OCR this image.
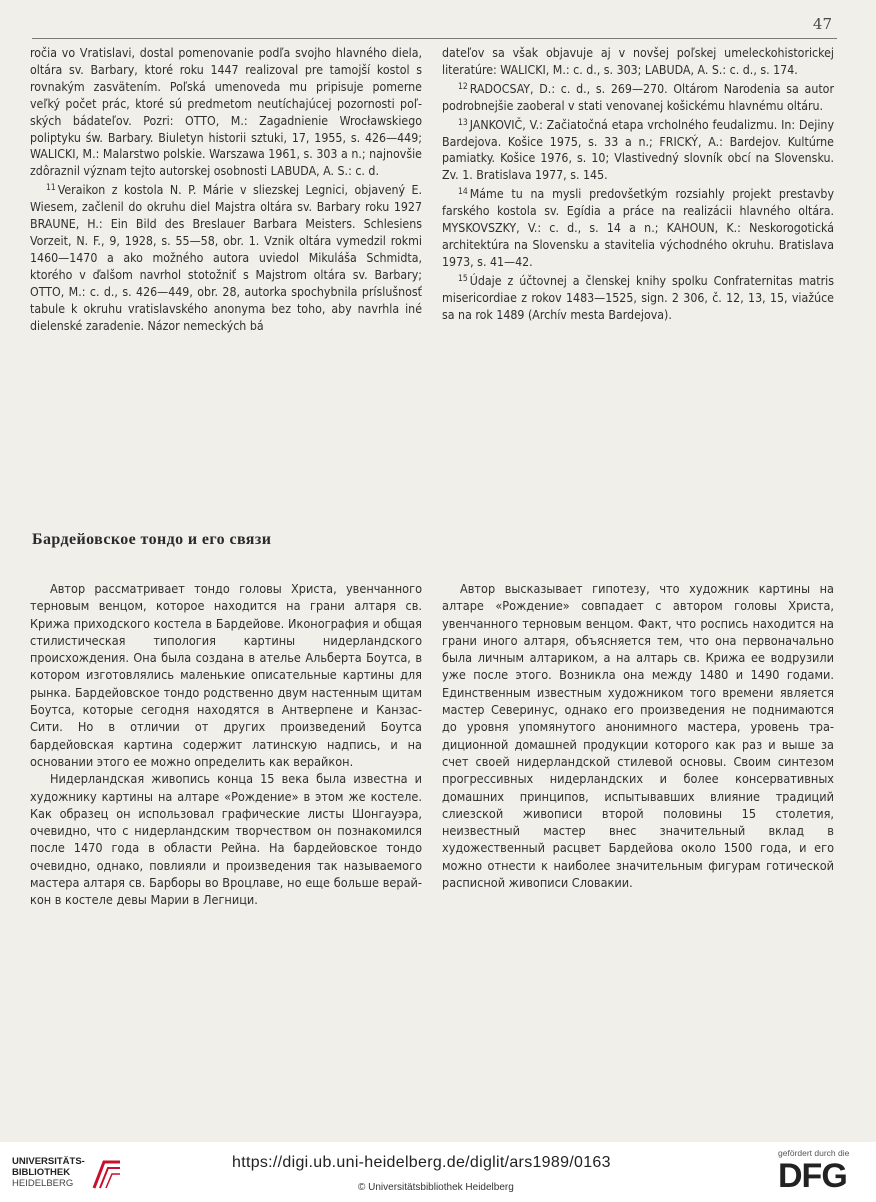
47

ročia vo Vratislavi, dostal pomenovanie podľa svojho hlavného diela, oltára sv. Barbary, ktoré roku 1447 realizoval pre tamojší kostol s rovnakým zasvätením. Poľská umenoveda mu pripisuje pomerne veľký počet prác, ktoré sú predmetom neutíchajúcej pozornosti poľských bádateľov. Pozri: OTTO, M.: Zagadnienie Wrocławskiego poliptyku św. Barbary. Biuletyn historii sztuki, 17, 1955, s. 426—449; WALICKI, M.: Malarstwo polskie. Warszawa 1961, s. 303 a n.; najnovšie zdôraznil význam tejto autorskej osobnosti LABUDA, A. S.: c. d.

$^{11}$ Veraikon z kostola N. P. Márie v sliezskej Legnici, objavený E. Wiesem, začlenil do okruhu diel Majstra oltára sv. Barbary roku 1927 BRAUNE, H.: Ein Bild des Breslauer Barbara Meisters. Schlesiens Vorzeit, N. F., 9, 1928, s. 55—58, obr. 1. Vznik oltára vymedzil rokmi 1460—1470 a ako možného autora uviedol Mikuláša Schmidta, ktorého v ďalšom navrhol stotožniť s Majstrom oltára sv. Barbary; OTTO, M.: c. d., s. 426—449, obr. 28, autorka spochybnila príslušnosť tabule k okruhu vratislavského anonyma bez toho, aby navrhla iné dielenské zaradenie. Názor nemeckých bá

dateľov sa však objavuje aj v novšej poľskej umeleckohistorickej literatúre: WALICKI, M.: c. d., s. 303; LABUDA, A. S.: c. d., s. 174.

$^{12}$ RADOCSAY, D.: c. d., s. 269—270. Oltárom Narodenia sa autor podrobnejšie zaoberal v stati venovanej košickému hlavnému oltáru.

$^{13}$ JANKOVIČ, V.: Začiatočná etapa vrcholného feudalizmu. In: Dejiny Bardejova. Košice 1975, s. 33 a n.; FRICKÝ, A.: Bardejov. Kultúrne pamiatky. Košice 1976, s. 10; Vlastivedný slovník obcí na Slovensku. Zv. 1. Bratislava 1977, s. 145.

$^{14}$ Máme tu na mysli predovšetkým rozsiahly projekt prestavby farského kostola sv. Egídia a práce na realizácii hlavného oltára. MYSKOVSZKY, V.: c. d., s. 14 a n.; KAHOUN, K.: Neskorogotická architektúra na Slovensku a stavitelia východného okruhu. Bratislava 1973, s. 41—42.

$^{15}$ Údaje z účtovnej a členskej knihy spolku Confraternitas matris misericordiae z rokov 1483—1525, sign. 2 306, č. 12, 13, 15, viažúce sa na rok 1489 (Archív mesta Bardejova).

Бардейовское тондо и его связи

Автор рассматривает тондо головы Христа, увенчанного терновым венцом, которое находится на грани алтаря св. Крижа приходского костела в Бардейове. Иконография и общая стилистическая типология картины нидерландского происхождения. Она была создана в ателье Альберта Боутса, в котором изготовлялись маленькие описательные картины для рынка. Бардейовское тондо родственно двум настенным щитам Боутса, которые сегодня находятся в Антверпене и Канзас-Сити. Но в отличии от других произведений Боутса бардейовская картина содержит латинскую надпись, и на основании этого ее можно определить как верайкон.

Нидерландская живопись конца 15 века была известна и художнику картины на алтаре «Рождение» в этом же костеле. Как образец он использовал графические листы Шонгауэра, очевидно, что с нидерландским творчеством он познакомился после 1470 года в области Рейна. На бардейовское тондо очевидно, однако, повлияли и произведения так называемого мастера алтаря св. Барборы во Вроцлаве, но еще больше верайкон в костеле девы Марии в Легници.

Автор высказывает гипотезу, что художник картины на алтаре «Рождение» совпадает с автором головы Христа, увенчанного терновым венцом. Факт, что роспись находится на грани иного алтаря, объясняется тем, что она первоначально была личным алтариком, а на алтарь св. Крижа ее водрузили уже после этого. Возникла она между 1480 и 1490 годами. Единственным известным художником того времени является мастер Северинус, однако его произведения не поднимаются до уровня упомянутого анонимного мастера, уровень традиционной домашней продукции которого как раз и выше за счет своей нидерландской стилевой основы. Своим синтезом прогрессивных нидерландских и более консервативных домашних принципов, испытывавших влияние традиций слиезской живописи второй половины 15 столетия, неизвестный мастер внес значительный вклад в художественный расцвет Бардейова около 1500 года, и его можно отнести к наиболее значительным фигурам готической расписной живописи Словакии.

UNIVERSITÄTS-
BIBLIOTHEK
HEIDELBERG
https://digi.ub.uni-heidelberg.de/diglit/ars1989/0163
© Universitätsbibliothek Heidelberg
gefördert durch die
DFG
